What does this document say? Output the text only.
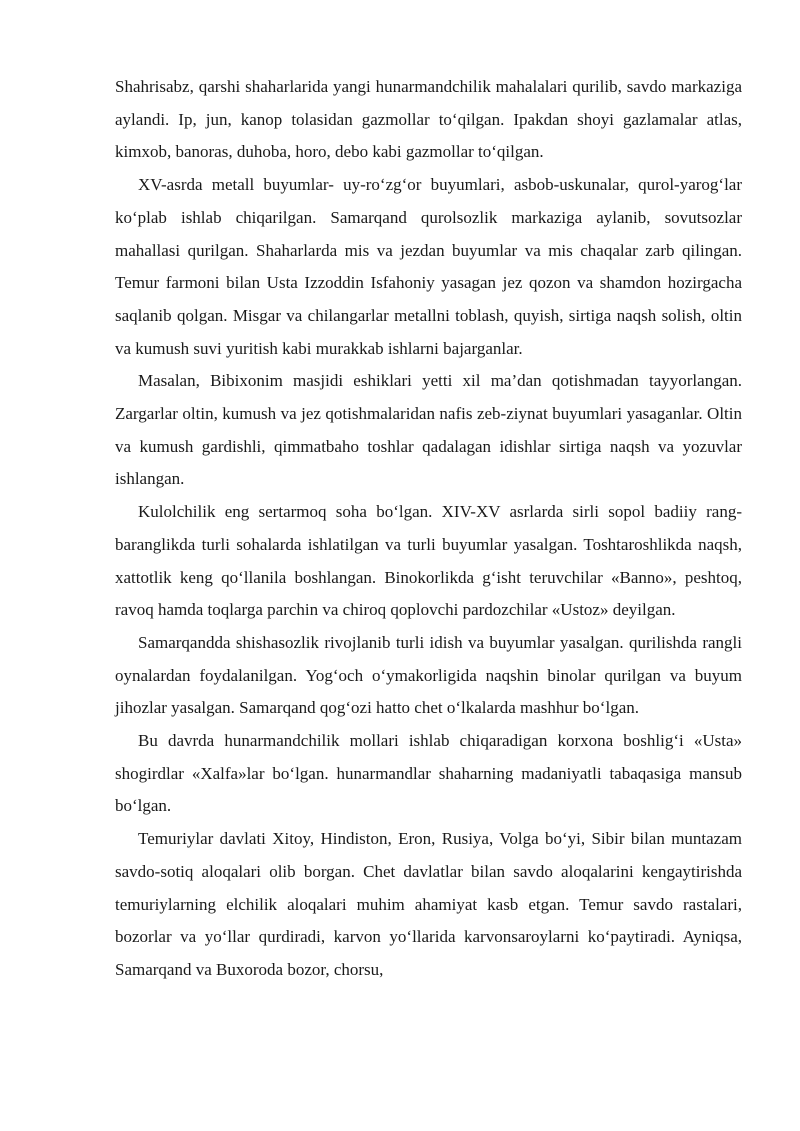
Shahrisabz, qarshi shaharlarida yangi hunarmandchilik mahalalari qurilib, savdo markaziga aylandi. Ip, jun, kanop tolasidan gazmollar to‘qilgan. Ipakdan shoyi gazlamalar atlas, kimxob, banoras, duhoba, horo, debo kabi gazmollar to‘qilgan.

XV-asrda metall buyumlar- uy-ro‘zg‘or buyumlari, asbob-uskunalar, qurol-yarog‘lar ko‘plab ishlab chiqarilgan. Samarqand qurolsozlik markaziga aylanib, sovutsozlar mahallasi qurilgan. Shaharlarda mis va jezdan buyumlar va mis chaqalar zarb qilingan. Temur farmoni bilan Usta Izzoddin Isfahoniy yasagan jez qozon va shamdon hozirgacha saqlanib qolgan. Misgar va chilangarlar metallni toblash, quyish, sirtiga naqsh solish, oltin va kumush suvi yuritish kabi murakkab ishlarni bajarganlar.

Masalan, Bibixonim masjidi eshiklari yetti xil ma’dan qotishmadan tayyorlangan. Zargarlar oltin, kumush va jez qotishmalaridan nafis zeb-ziynat buyumlari yasaganlar. Oltin va kumush gardishli, qimmatbaho toshlar qadalagan idishlar sirtiga naqsh va yozuvlar ishlangan.

Kulolchilik eng sertarmoq soha bo‘lgan. XIV-XV asrlarda sirli sopol badiiy rang-baranglikda turli sohalarda ishlatilgan va turli buyumlar yasalgan. Toshtaroshlikda naqsh, xattotlik keng qo‘llanila boshlangan. Binokorlikda g‘isht teruvchilar «Banno», peshtoq, ravoq hamda toqlarga parchin va chiroq qoplovchi pardozchilar «Ustoz» deyilgan.

Samarqandda shishasozlik rivojlanib turli idish va buyumlar yasalgan. qurilishda rangli oynalardan foydalanilgan. Yog‘och o‘ymakorligida naqshin binolar qurilgan va buyum jihozlar yasalgan. Samarqand qog‘ozi hatto chet o‘lkalarda mashhur bo‘lgan.

Bu davrda hunarmandchilik mollari ishlab chiqaradigan korxona boshlig‘i «Usta» shogirdlar «Xalfa»lar bo‘lgan. hunarmandlar shaharning madaniyatli tabaqasiga mansub bo‘lgan.

Temuriylar davlati Xitoy, Hindiston, Eron, Rusiya, Volga bo‘yi, Sibir bilan muntazam savdo-sotiq aloqalari olib borgan. Chet davlatlar bilan savdo aloqalarini kengaytirishda temuriylarning elchilik aloqalari muhim ahamiyat kasb etgan. Temur savdo rastalari, bozorlar va yo‘llar qurdiradi, karvon yo‘llarida karvonsaroylarni ko‘paytiradi. Ayniqsa, Samarqand va Buxoroda bozor, chorsu,
